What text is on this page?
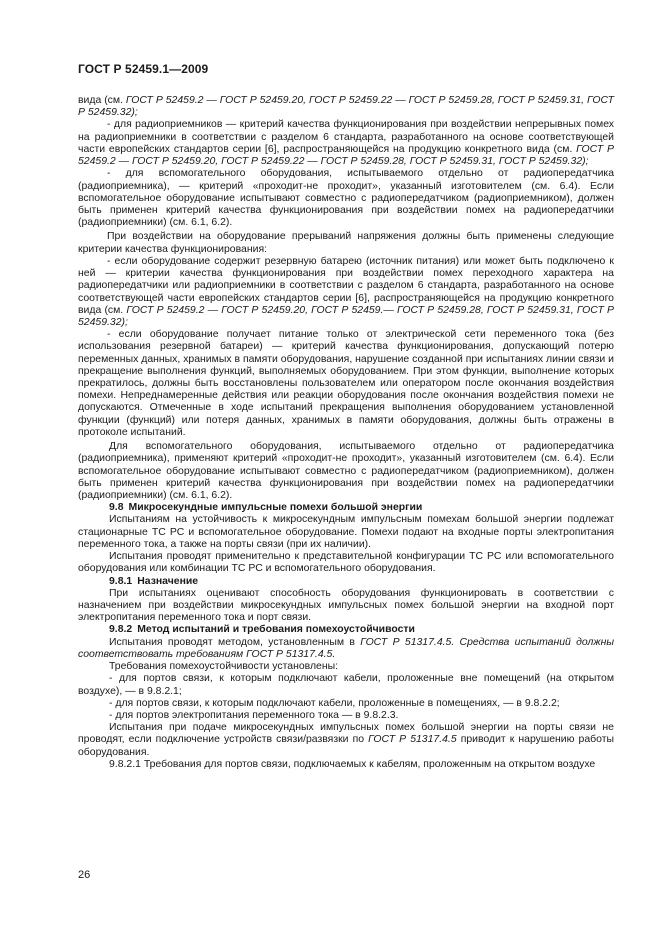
ГОСТ Р 52459.1—2009

вида (см. ГОСТ Р 52459.2 — ГОСТ Р 52459.20, ГОСТ Р 52459.22 — ГОСТ Р 52459.28, ГОСТ Р 52459.31, ГОСТ Р 52459.32);

- для радиоприемников — критерий качества функционирования при воздействии непрерывных помех на радиоприемники в соответствии с разделом 6 стандарта, разработанного на основе соответствующей части европейских стандартов серии [6], распространяющейся на продукцию конкретного вида (см. ГОСТ Р 52459.2 — ГОСТ Р 52459.20, ГОСТ Р 52459.22 — ГОСТ Р 52459.28, ГОСТ Р 52459.31, ГОСТ Р 52459.32);

- для вспомогательного оборудования, испытываемого отдельно от радиопередатчика (радиоприемника), — критерий «проходит-не проходит», указанный изготовителем (см. 6.4). Если вспомогательное оборудование испытывают совместно с радиопередатчиком (радиоприемником), должен быть применен критерий качества функционирования при воздействии помех на радиопередатчики (радиоприемники) (см. 6.1, 6.2).

При воздействии на оборудование прерываний напряжения должны быть применены следующие критерии качества функционирования:

- если оборудование содержит резервную батарею (источник питания) или может быть подключено к ней — критерии качества функционирования при воздействии помех переходного характера на радиопередатчики или радиоприемники в соответствии с разделом 6 стандарта, разработанного на основе соответствующей части европейских стандартов серии [6], распространяющейся на продукцию конкретного вида (см. ГОСТ Р 52459.2 — ГОСТ Р 52459.20, ГОСТ Р 52459.— ГОСТ Р 52459.28, ГОСТ Р 52459.31, ГОСТ Р 52459.32);

- если оборудование получает питание только от электрической сети переменного тока (без использования резервной батареи) — критерий качества функционирования, допускающий потерю переменных данных, хранимых в памяти оборудования, нарушение созданной при испытаниях линии связи и прекращение выполнения функций, выполняемых оборудованием. При этом функции, выполнение которых прекратилось, должны быть восстановлены пользователем или оператором после окончания воздействия помехи. Непреднамеренные действия или реакции оборудования после окончания воздействия помехи не допускаются. Отмеченные в ходе испытаний прекращения выполнения оборудованием установленной функции (функций) или потеря данных, хранимых в памяти оборудования, должны быть отражены в протоколе испытаний.

Для вспомогательного оборудования, испытываемого отдельно от радиопередатчика (радиоприемника), применяют критерий «проходит-не проходит», указанный изготовителем (см. 6.4). Если вспомогательное оборудование испытывают совместно с радиопередатчиком (радиоприемником), должен быть применен критерий качества функционирования при воздействии помех на радиопередатчики (радиоприемники) (см. 6.1, 6.2).

9.8 Микросекундные импульсные помехи большой энергии

Испытаниям на устойчивость к микросекундным импульсным помехам большой энергии подлежат стационарные ТС РС и вспомогательное оборудование. Помехи подают на входные порты электропитания переменного тока, а также на порты связи (при их наличии).

Испытания проводят применительно к представительной конфигурации ТС РС или вспомогательного оборудования или комбинации ТС РС и вспомогательного оборудования.

9.8.1 Назначение

При испытаниях оценивают способность оборудования функционировать в соответствии с назначением при воздействии микросекундных импульсных помех большой энергии на входной порт электропитания переменного тока и порт связи.

9.8.2 Метод испытаний и требования помехоустойчивости

Испытания проводят методом, установленным в ГОСТ Р 51317.4.5. Средства испытаний должны соответствовать требованиям ГОСТ Р 51317.4.5.

Требования помехоустойчивости установлены:

- для портов связи, к которым подключают кабели, проложенные вне помещений (на открытом воздухе), — в 9.8.2.1;

- для портов связи, к которым подключают кабели, проложенные в помещениях, — в 9.8.2.2;

- для портов электропитания переменного тока — в 9.8.2.3.

Испытания при подаче микросекундных импульсных помех большой энергии на порты связи не проводят, если подключение устройств связи/развязки по ГОСТ Р 51317.4.5 приводит к нарушению работы оборудования.

9.8.2.1 Требования для портов связи, подключаемых к кабелям, проложенным на открытом воздухе

26
